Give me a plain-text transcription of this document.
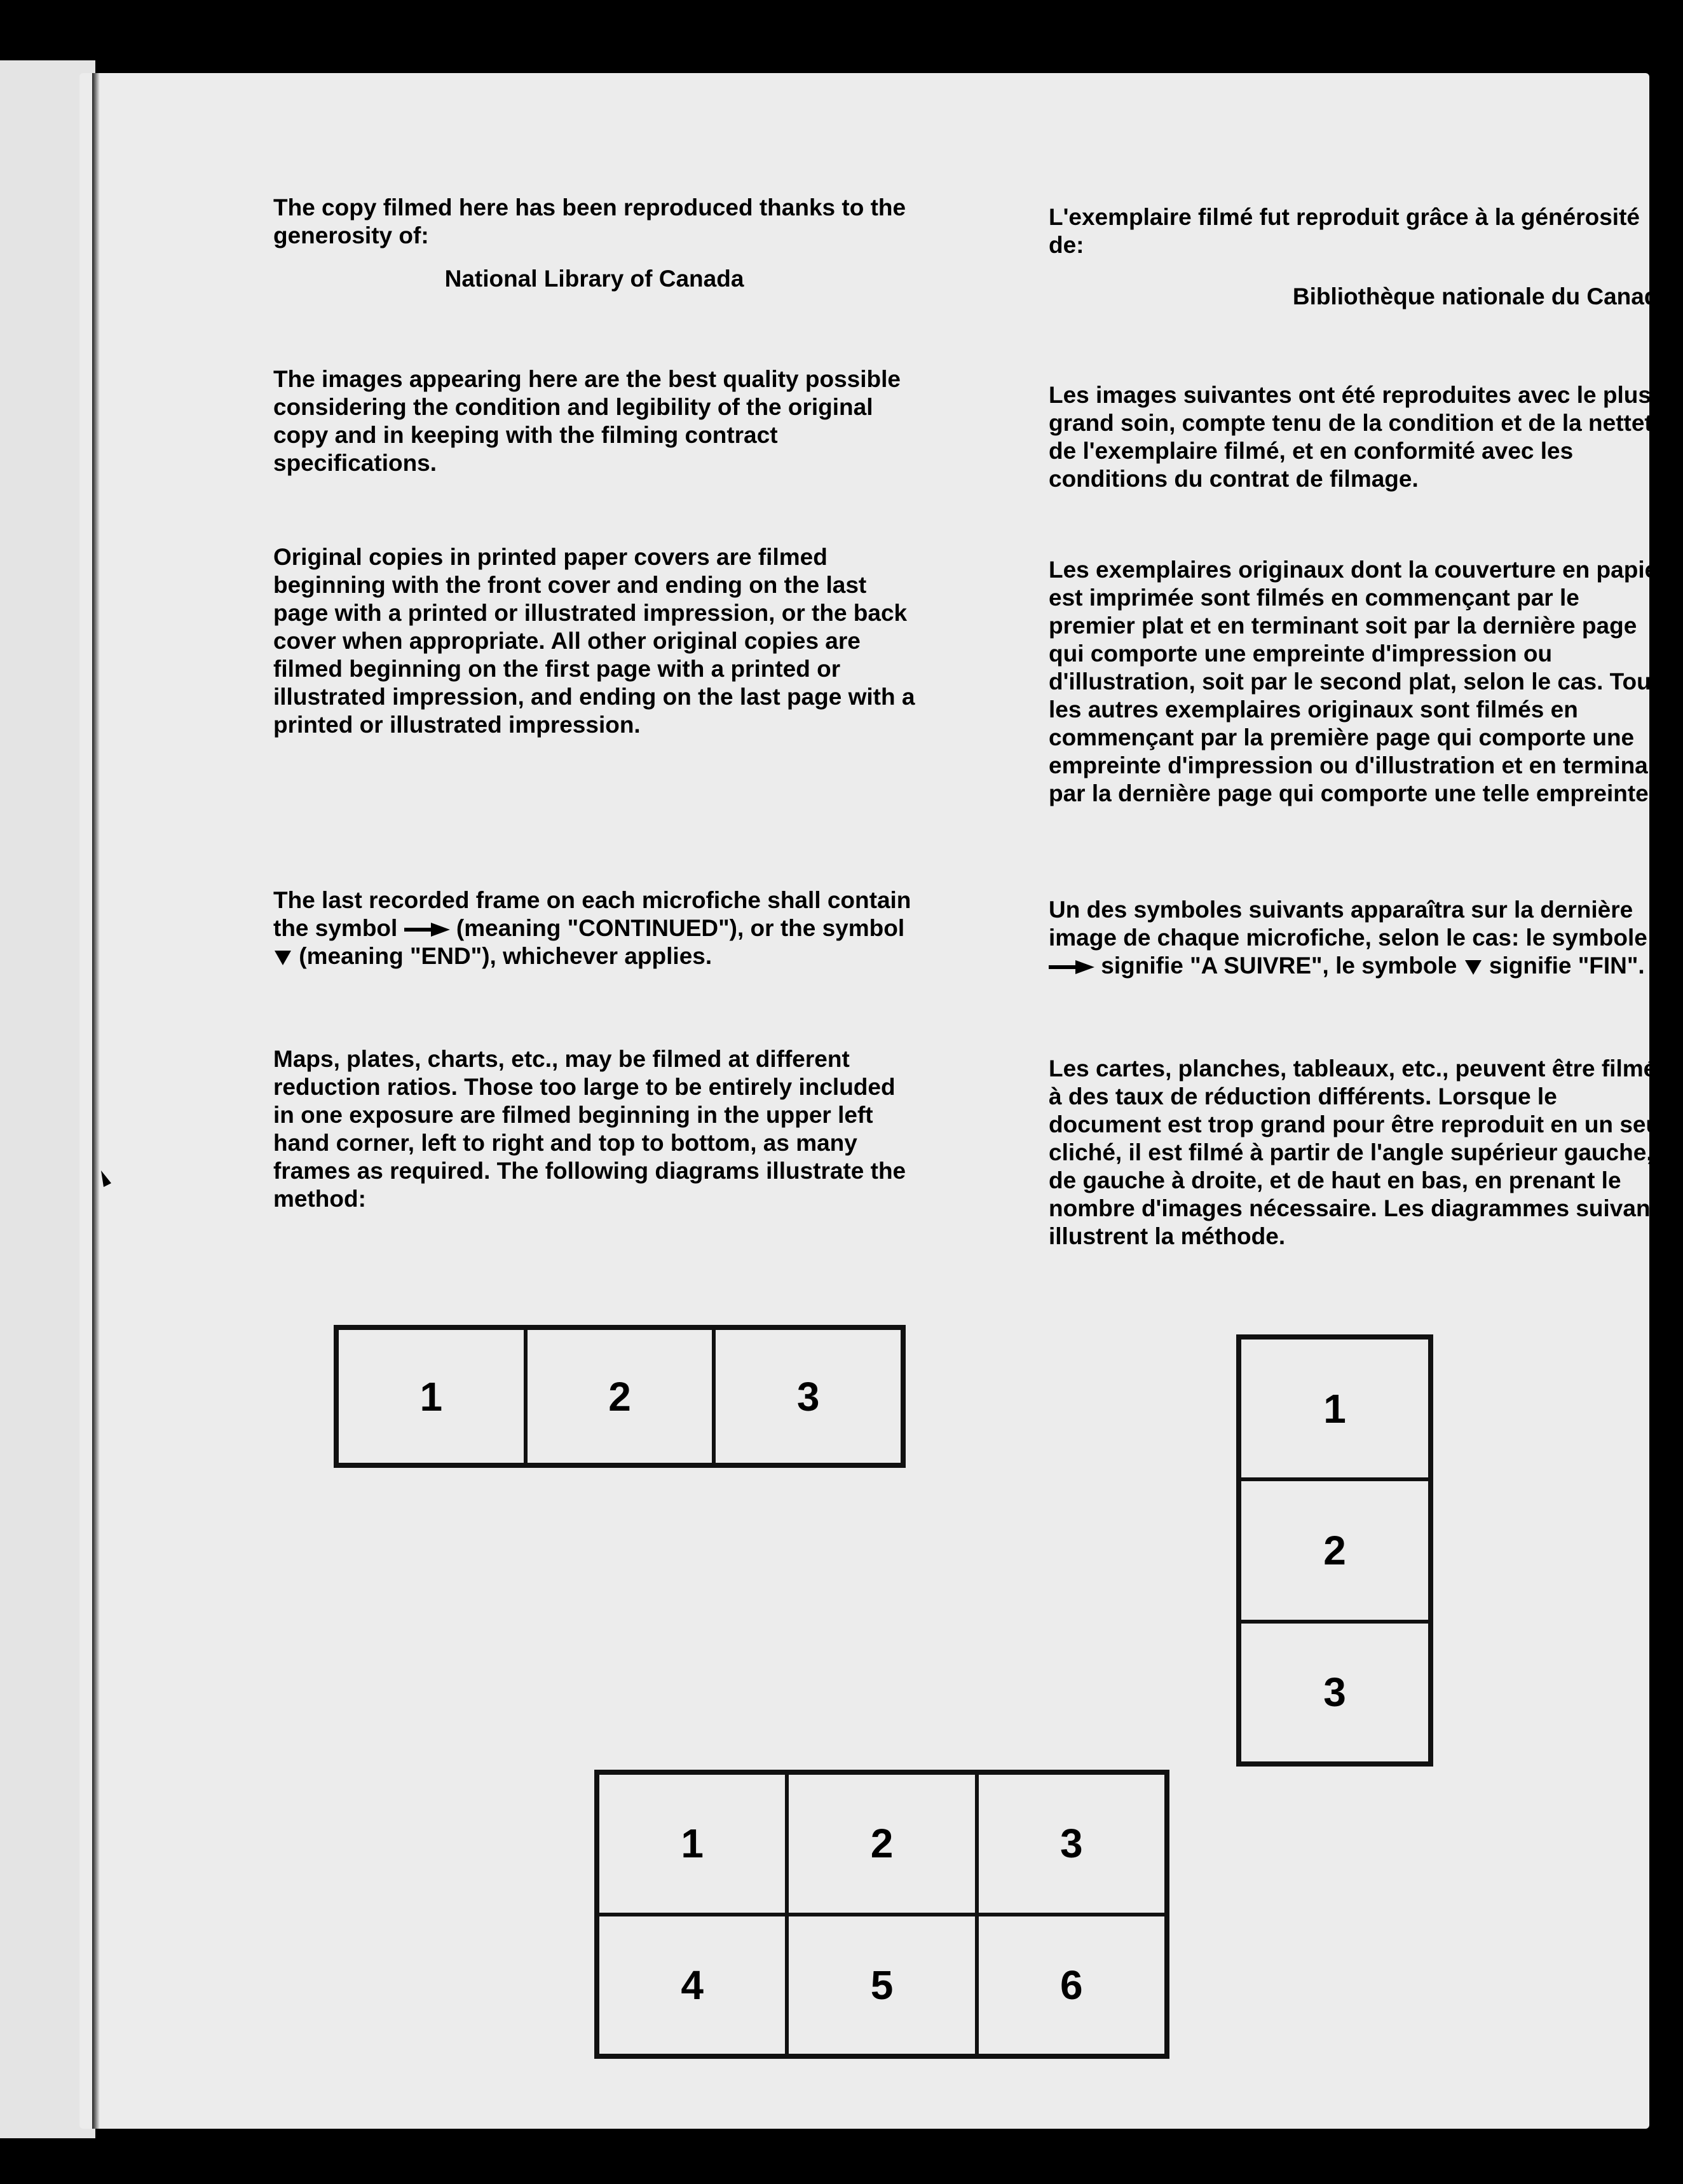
The copy filmed here has been reproduced thanks to the generosity of:

National Library of Canada

The images appearing here are the best quality possible considering the condition and legibility of the original copy and in keeping with the filming contract specifications.

Original copies in printed paper covers are filmed beginning with the front cover and ending on the last page with a printed or illustrated impression, or the back cover when appropriate. All other original copies are filmed beginning on the first page with a printed or illustrated impression, and ending on the last page with a printed or illustrated impression.

The last recorded frame on each microfiche shall contain the symbol	(meaning "CONTINUED"), or the symbol  (meaning "END"), whichever applies.

Maps, plates, charts, etc., may be filmed at different reduction ratios. Those too large to be entirely included in one exposure are filmed beginning in the upper left hand corner, left to right and top to bottom, as many frames as required. The following diagrams illustrate the method:

L'exemplaire filmé fut reproduit grâce à la générosité de:

Bibliothèque nationale du Canada

Les images suivantes ont été reproduites avec le plus grand soin, compte tenu de la condition et de la netteté de l'exemplaire filmé, et en conformité avec les conditions du contrat de filmage.

Les exemplaires originaux dont la couverture en papier est imprimée sont filmés en commençant par le premier plat et en terminant soit par la dernière page qui comporte une empreinte d'impression ou d'illustration, soit par le second plat, selon le cas. Tous les autres exemplaires originaux sont filmés en commençant par la première page qui comporte une empreinte d'impression ou d'illustration et en terminant par la dernière page qui comporte une telle empreinte.

Un des symboles suivants apparaîtra sur la dernière image de chaque microfiche, selon le cas: le symbole  signifie "A SUIVRE", le symbole signifie "FIN".

Les cartes, planches, tableaux, etc., peuvent être filmés à des taux de réduction différents. Lorsque le document est trop grand pour être reproduit en un seul cliché, il est filmé à partir de l'angle supérieur gauche, de gauche à droite, et de haut en bas, en prenant le nombre d'images nécessaire. Les diagrammes suivants illustrent la méthode.

1	2	3	1
2
3
1	2	3
4	5	6
